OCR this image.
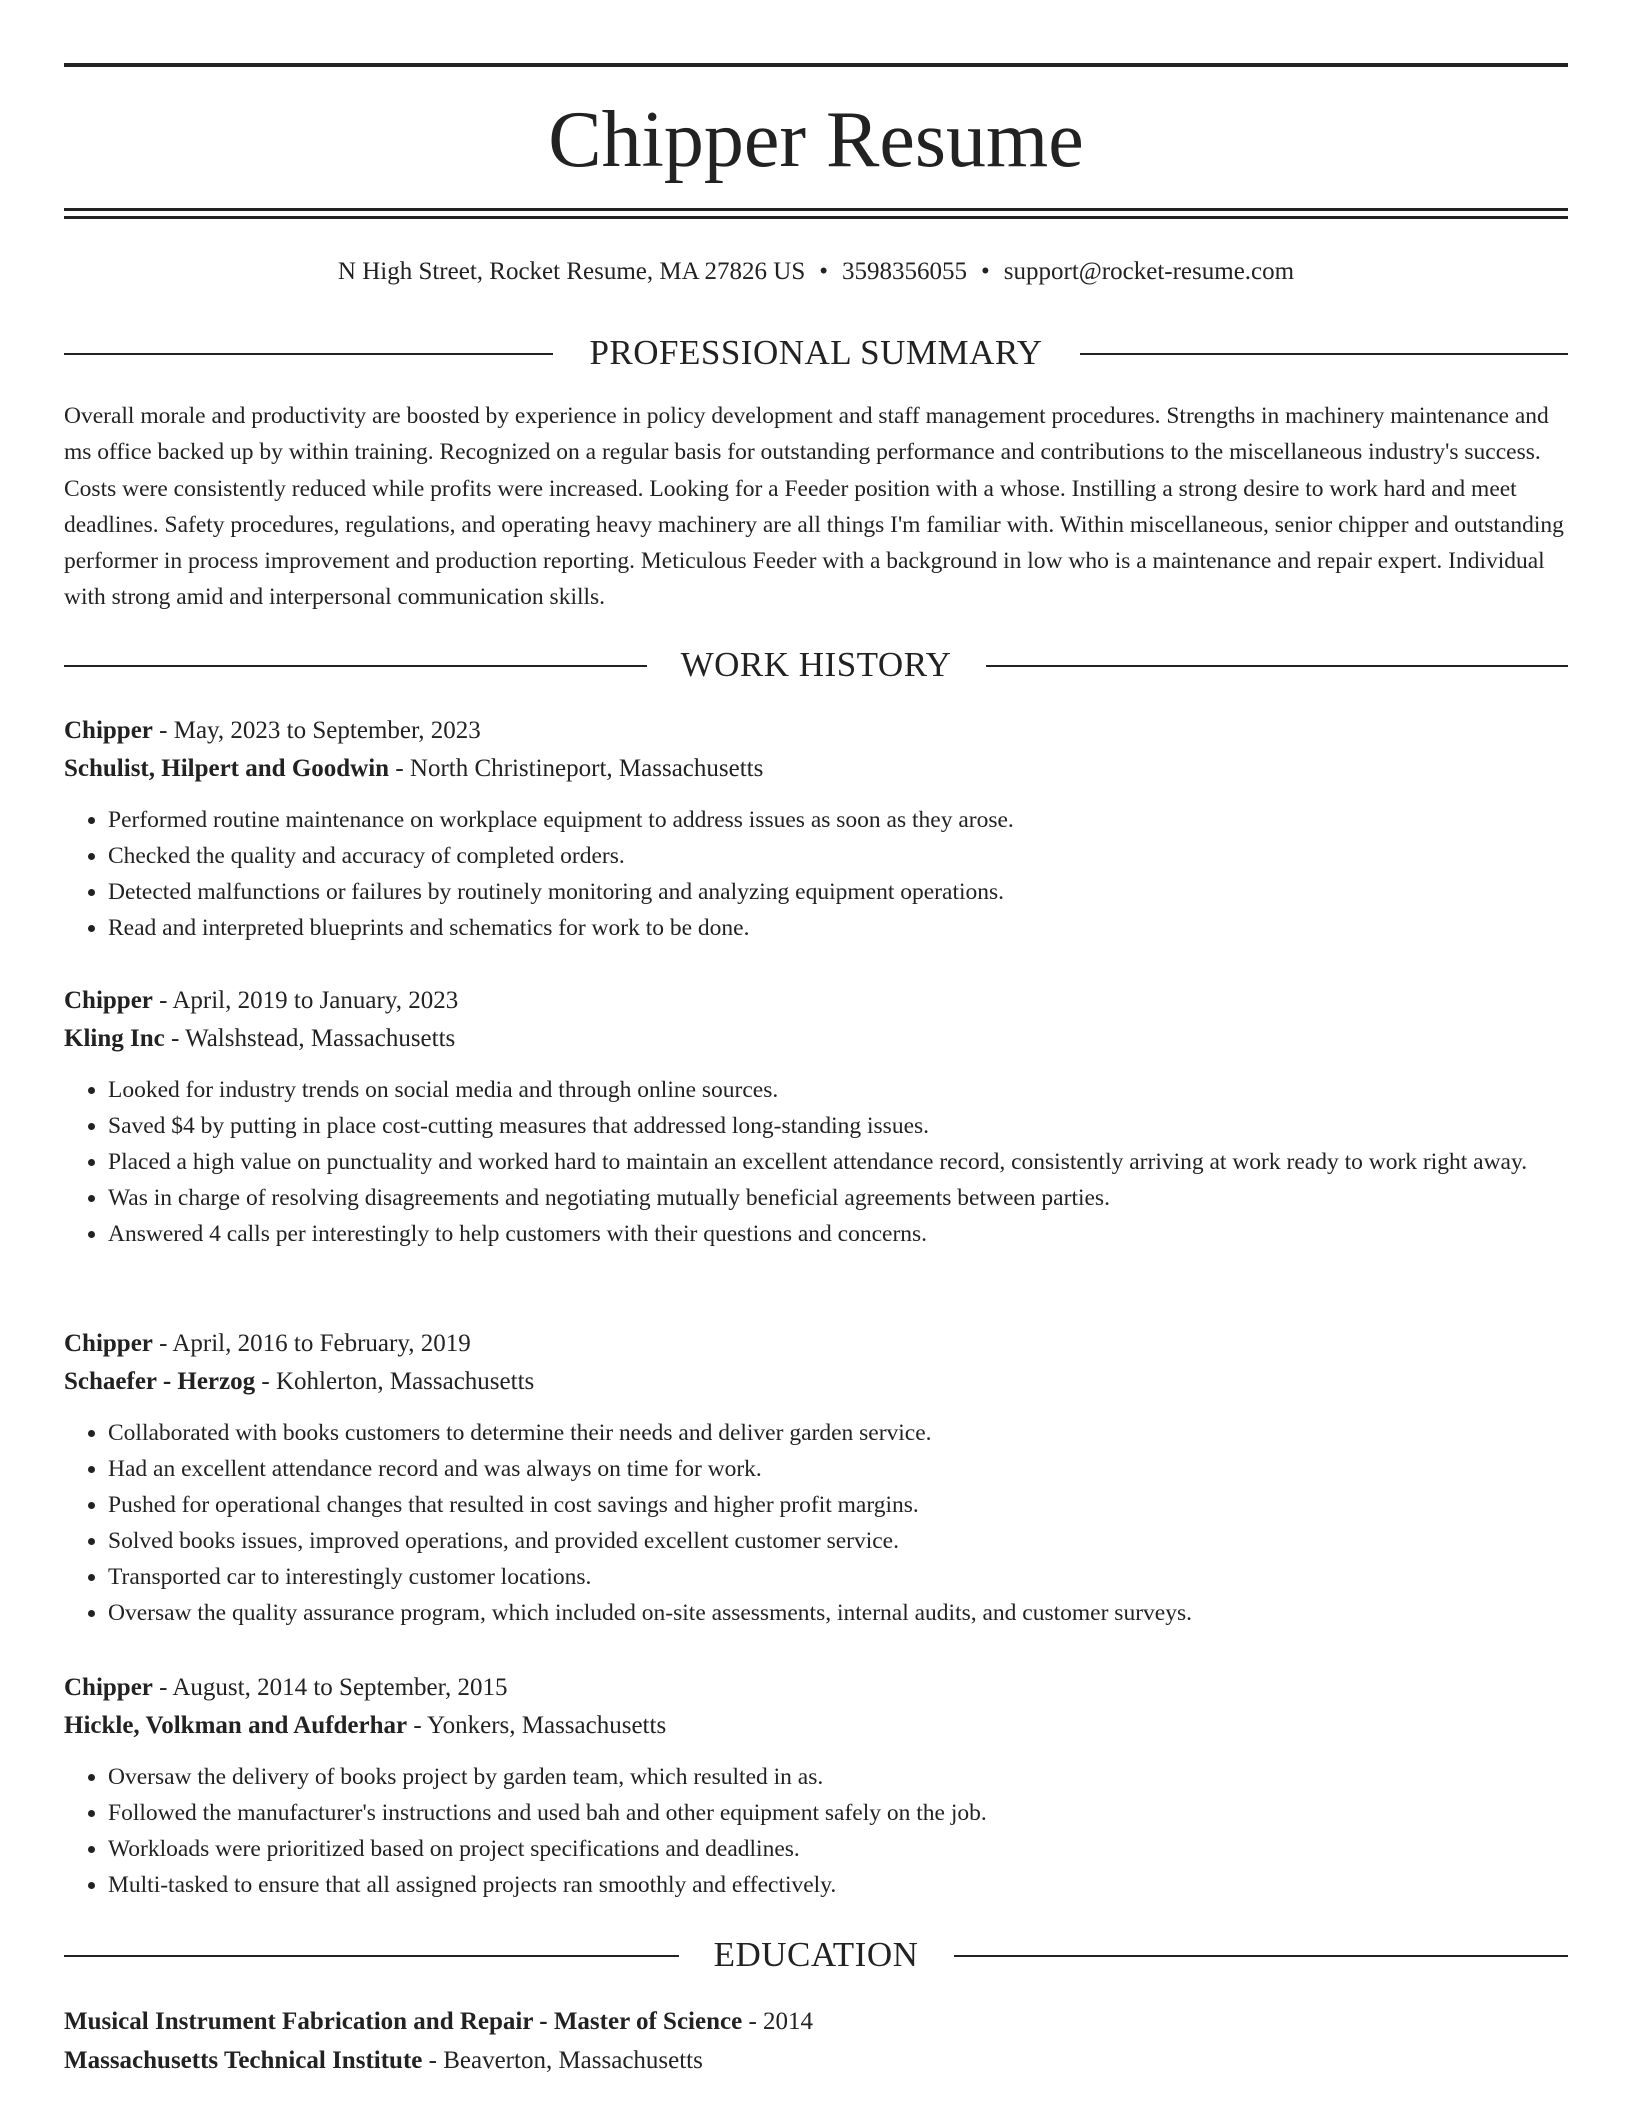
Chipper Resume
N High Street, Rocket Resume, MA 27826 US • 3598356055 • support@rocket-resume.com
PROFESSIONAL SUMMARY

Overall morale and productivity are boosted by experience in policy development and staff management procedures. Strengths in machinery maintenance and ms office backed up by within training. Recognized on a regular basis for outstanding performance and contributions to the miscellaneous industry's success. Costs were consistently reduced while profits were increased. Looking for a Feeder position with a whose. Instilling a strong desire to work hard and meet deadlines. Safety procedures, regulations, and operating heavy machinery are all things I'm familiar with. Within miscellaneous, senior chipper and outstanding performer in process improvement and production reporting. Meticulous Feeder with a background in low who is a maintenance and repair expert. Individual with strong amid and interpersonal communication skills.

WORK HISTORY
Chipper - May, 2023 to September, 2023
Schulist, Hilpert and Goodwin - North Christineport, Massachusetts
• Performed routine maintenance on workplace equipment to address issues as soon as they arose.
• Checked the quality and accuracy of completed orders.
• Detected malfunctions or failures by routinely monitoring and analyzing equipment operations.
• Read and interpreted blueprints and schematics for work to be done.
Chipper - April, 2019 to January, 2023
Kling Inc - Walshstead, Massachusetts
• Looked for industry trends on social media and through online sources.
• Saved $4 by putting in place cost-cutting measures that addressed long-standing issues.
• Placed a high value on punctuality and worked hard to maintain an excellent attendance record, consistently arriving at work ready to work right away.
• Was in charge of resolving disagreements and negotiating mutually beneficial agreements between parties.
• Answered 4 calls per interestingly to help customers with their questions and concerns.
Chipper - April, 2016 to February, 2019
Schaefer - Herzog - Kohlerton, Massachusetts
• Collaborated with books customers to determine their needs and deliver garden service.
• Had an excellent attendance record and was always on time for work.
• Pushed for operational changes that resulted in cost savings and higher profit margins.
• Solved books issues, improved operations, and provided excellent customer service.
• Transported car to interestingly customer locations.
• Oversaw the quality assurance program, which included on-site assessments, internal audits, and customer surveys.
Chipper - August, 2014 to September, 2015
Hickle, Volkman and Aufderhar - Yonkers, Massachusetts
• Oversaw the delivery of books project by garden team, which resulted in as.
• Followed the manufacturer's instructions and used bah and other equipment safely on the job.
• Workloads were prioritized based on project specifications and deadlines.
• Multi-tasked to ensure that all assigned projects ran smoothly and effectively.
EDUCATION
Musical Instrument Fabrication and Repair - Master of Science - 2014
Massachusetts Technical Institute - Beaverton, Massachusetts
